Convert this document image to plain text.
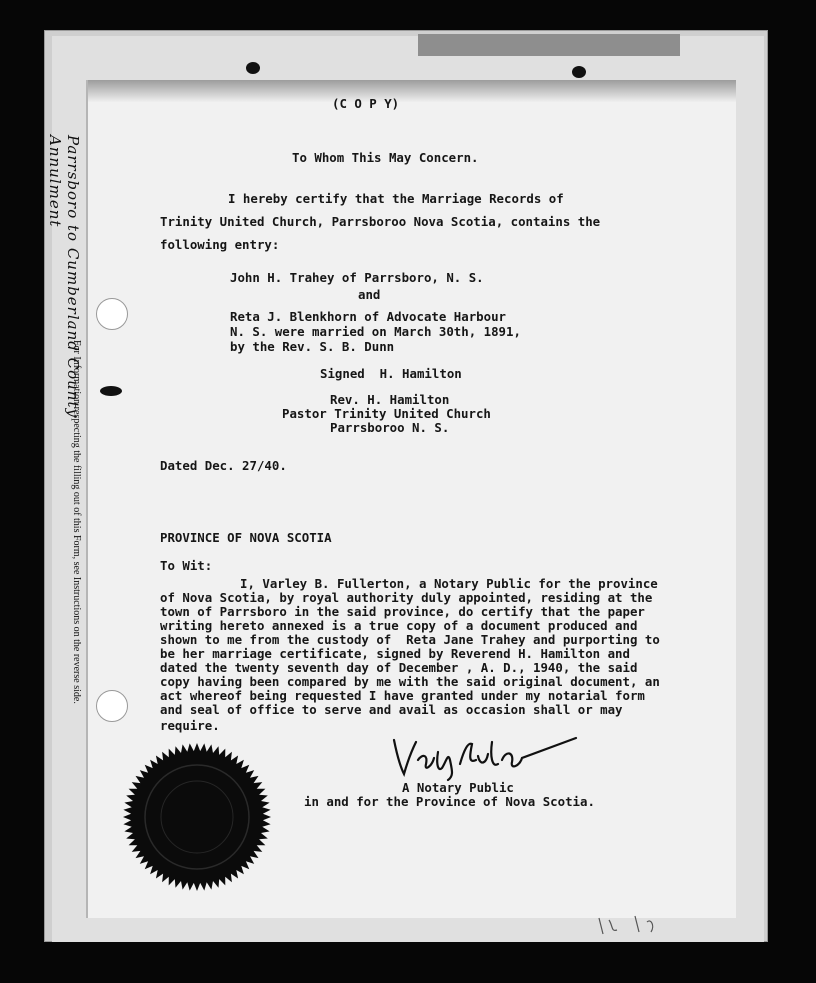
Parrsboro to Cumberland County Annulment
For Information respecting the filling out of this Form, see Instructions on the reverse side.
(C O P Y)
To Whom This May Concern.
I hereby certify that the Marriage Records of
Trinity United Church, Parrsboroo Nova Scotia, contains the
following entry:
John H. Trahey of Parrsboro, N. S.
and
Reta J. Blenkhorn of Advocate Harbour
N. S. were married on March 30th, 1891,
by the Rev. S. B. Dunn
Signed  H. Hamilton
Rev. H. Hamilton
Pastor Trinity United Church
Parrsboroo N. S.
Dated Dec. 27/40.
PROVINCE OF NOVA SCOTIA
To Wit:
I, Varley B. Fullerton, a Notary Public for the province
of Nova Scotia, by royal authority duly appointed, residing at the
town of Parrsboro in the said province, do certify that the paper
writing hereto annexed is a true copy of a document produced and
shown to me from the custody of  Reta Jane Trahey and purporting to
be her marriage certificate, signed by Reverend H. Hamilton and
dated the twenty seventh day of December , A. D., 1940, the said
copy having been compared by me with the said original document, an
act whereof being requested I have granted under my notarial form
and seal of office to serve and avail as occasion shall or may
require.
A Notary Public
in and for the Province of Nova Scotia.
